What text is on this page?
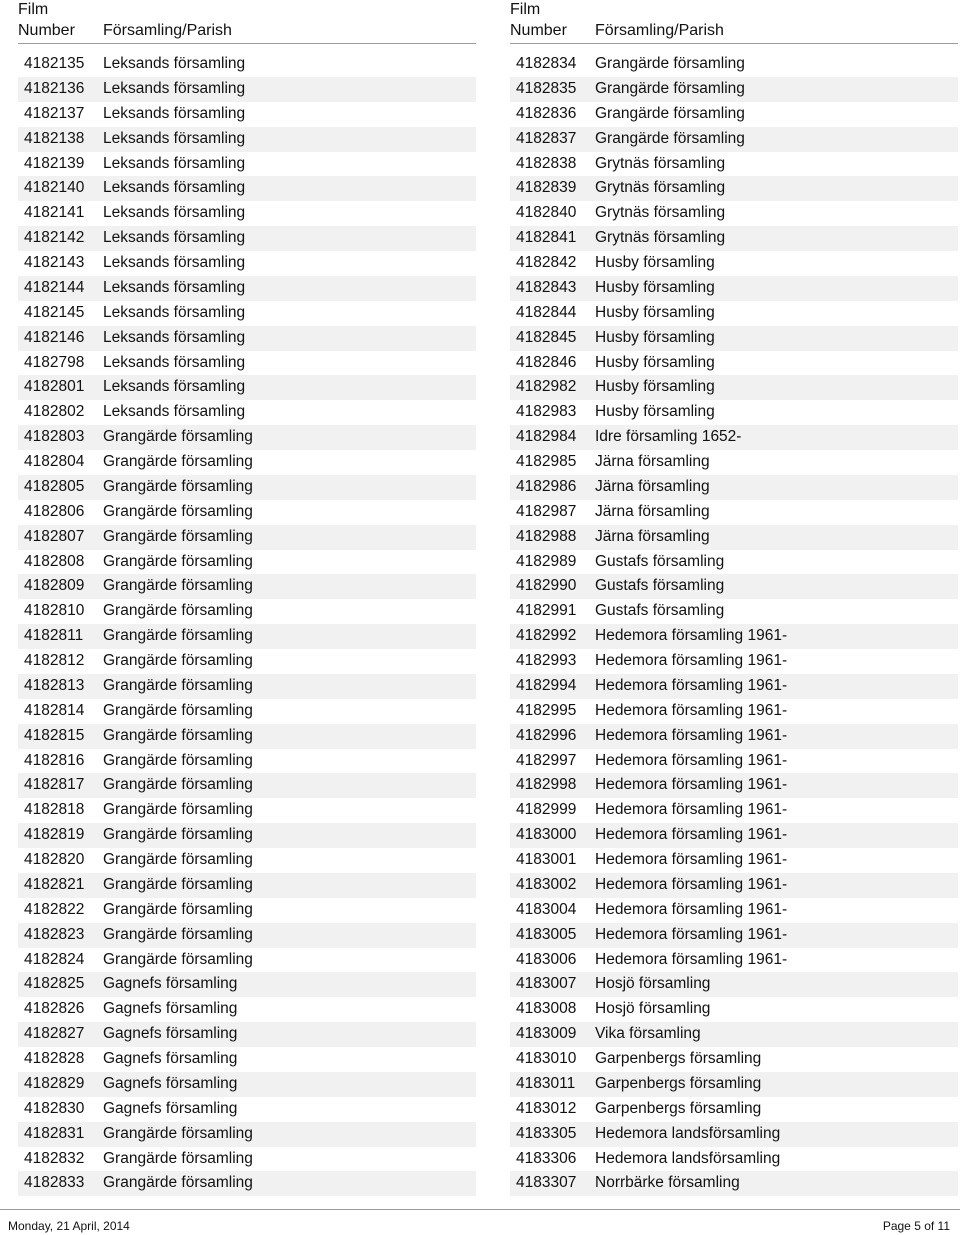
Film
Number Församling/Parish
4182135 Leksands församling
4182136 Leksands församling
4182137 Leksands församling
4182138 Leksands församling
4182139 Leksands församling
4182140 Leksands församling
4182141 Leksands församling
4182142 Leksands församling
4182143 Leksands församling
4182144 Leksands församling
4182145 Leksands församling
4182146 Leksands församling
4182798 Leksands församling
4182801 Leksands församling
4182802 Leksands församling
4182803 Grangärde församling
4182804 Grangärde församling
4182805 Grangärde församling
4182806 Grangärde församling
4182807 Grangärde församling
4182808 Grangärde församling
4182809 Grangärde församling
4182810 Grangärde församling
4182811 Grangärde församling
4182812 Grangärde församling
4182813 Grangärde församling
4182814 Grangärde församling
4182815 Grangärde församling
4182816 Grangärde församling
4182817 Grangärde församling
4182818 Grangärde församling
4182819 Grangärde församling
4182820 Grangärde församling
4182821 Grangärde församling
4182822 Grangärde församling
4182823 Grangärde församling
4182824 Grangärde församling
4182825 Gagnefs församling
4182826 Gagnefs församling
4182827 Gagnefs församling
4182828 Gagnefs församling
4182829 Gagnefs församling
4182830 Gagnefs församling
4182831 Grangärde församling
4182832 Grangärde församling
4182833 Grangärde församling
Film
Number Församling/Parish
4182834 Grangärde församling
4182835 Grangärde församling
4182836 Grangärde församling
4182837 Grangärde församling
4182838 Grytnäs församling
4182839 Grytnäs församling
4182840 Grytnäs församling
4182841 Grytnäs församling
4182842 Husby församling
4182843 Husby församling
4182844 Husby församling
4182845 Husby församling
4182846 Husby församling
4182982 Husby församling
4182983 Husby församling
4182984 Idre församling 1652-
4182985 Järna församling
4182986 Järna församling
4182987 Järna församling
4182988 Järna församling
4182989 Gustafs församling
4182990 Gustafs församling
4182991 Gustafs församling
4182992 Hedemora församling 1961-
4182993 Hedemora församling 1961-
4182994 Hedemora församling 1961-
4182995 Hedemora församling 1961-
4182996 Hedemora församling 1961-
4182997 Hedemora församling 1961-
4182998 Hedemora församling 1961-
4182999 Hedemora församling 1961-
4183000 Hedemora församling 1961-
4183001 Hedemora församling 1961-
4183002 Hedemora församling 1961-
4183004 Hedemora församling 1961-
4183005 Hedemora församling 1961-
4183006 Hedemora församling 1961-
4183007 Hosjö församling
4183008 Hosjö församling
4183009 Vika församling
4183010 Garpenbergs församling
4183011 Garpenbergs församling
4183012 Garpenbergs församling
4183305 Hedemora landsförsamling
4183306 Hedemora landsförsamling
4183307 Norrbärke församling
Monday, 21 April, 2014	Page 5 of 11
